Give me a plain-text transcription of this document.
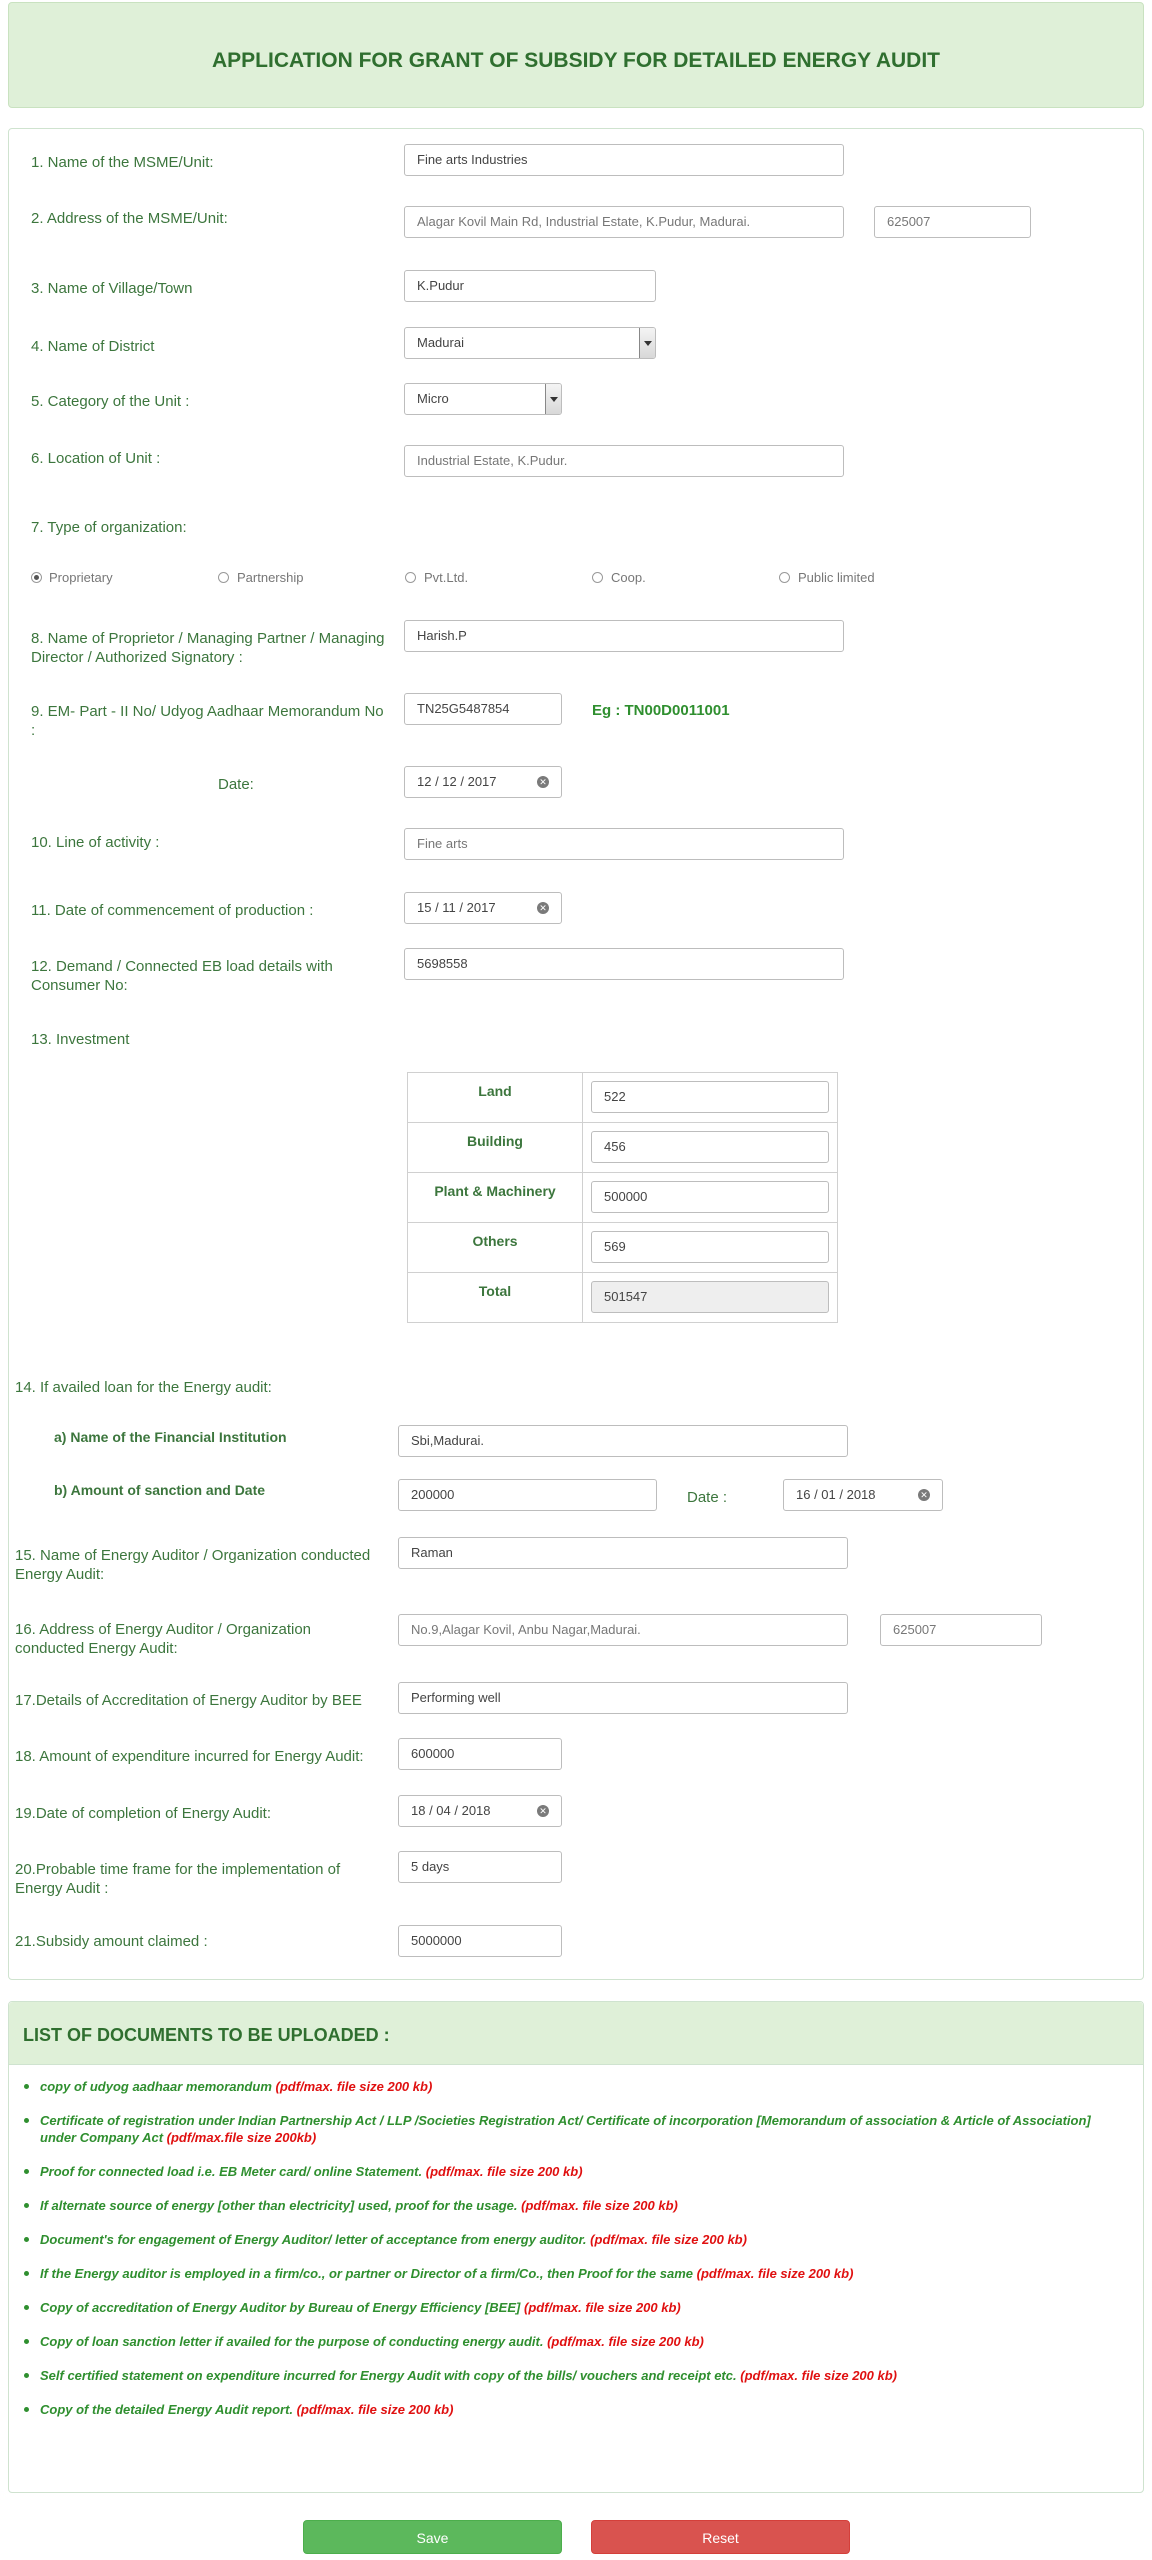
APPLICATION FOR GRANT OF SUBSIDY FOR DETAILED ENERGY AUDIT
1. Name of the MSME/Unit:	Fine arts Industries
2. Address of the MSME/Unit:	Alagar Kovil Main Rd, Industrial Estate, K.Pudur, Madurai.	625007
3. Name of Village/Town	K.Pudur
4. Name of District	Madurai
5. Category of the Unit :	Micro
6. Location of Unit :	Industrial Estate, K.Pudur.
7. Type of organization:
Proprietary	Partnership	Pvt.Ltd.	Coop.	Public limited
8. Name of Proprietor / Managing Partner / Managing
Director / Authorized Signatory :
Harish.P
9. EM- Part - II No/ Udyog Aadhaar Memorandum No
:
TN25G5487854	Eg : TN00D0011001
Date:	12 / 12 / 2017	✕
10. Line of activity :	Fine arts
11. Date of commencement of production :	15 / 11 / 2017	✕
12. Demand / Connected EB load details with
Consumer No:
5698558
13. Investment
Land	522

Building	456

Plant & Machinery	500000

Others	569

Total	501547
14. If availed loan for the Energy audit:
a) Name of the Financial Institution	Sbi,Madurai.
b) Amount of sanction and Date	200000	Date :	16 / 01 / 2018	✕
15. Name of Energy Auditor / Organization conducted
Energy Audit:
Raman
16. Address of Energy Auditor / Organization
conducted Energy Audit:
No.9,Alagar Kovil, Anbu Nagar,Madurai.	625007
17.Details of Accreditation of Energy Auditor by BEE	Performing well
18. Amount of expenditure incurred for Energy Audit:	600000
19.Date of completion of Energy Audit:	18 / 04 / 2018	✕
20.Probable time frame for the implementation of
Energy Audit :
5 days
21.Subsidy amount claimed :	5000000
LIST OF DOCUMENTS TO BE UPLOADED :
copy of udyog aadhaar memorandum (pdf/max. file size 200 kb)
Certificate of registration under Indian Partnership Act / LLP /Societies Registration Act/ Certificate of incorporation [Memorandum of association & Article of Association] under Company Act (pdf/max.file size 200kb)
Proof for connected load i.e. EB Meter card/ online Statement. (pdf/max. file size 200 kb)
If alternate source of energy [other than electricity] used, proof for the usage. (pdf/max. file size 200 kb)
Document's for engagement of Energy Auditor/ letter of acceptance from energy auditor. (pdf/max. file size 200 kb)
If the Energy auditor is employed in a firm/co., or partner or Director of a firm/Co., then Proof for the same (pdf/max. file size 200 kb)
Copy of accreditation of Energy Auditor by Bureau of Energy Efficiency [BEE] (pdf/max. file size 200 kb)
Copy of loan sanction letter if availed for the purpose of conducting energy audit. (pdf/max. file size 200 kb)
Self certified statement on expenditure incurred for Energy Audit with copy of the bills/ vouchers and receipt etc. (pdf/max. file size 200 kb)
Copy of the detailed Energy Audit report. (pdf/max. file size 200 kb)
Save	Reset
